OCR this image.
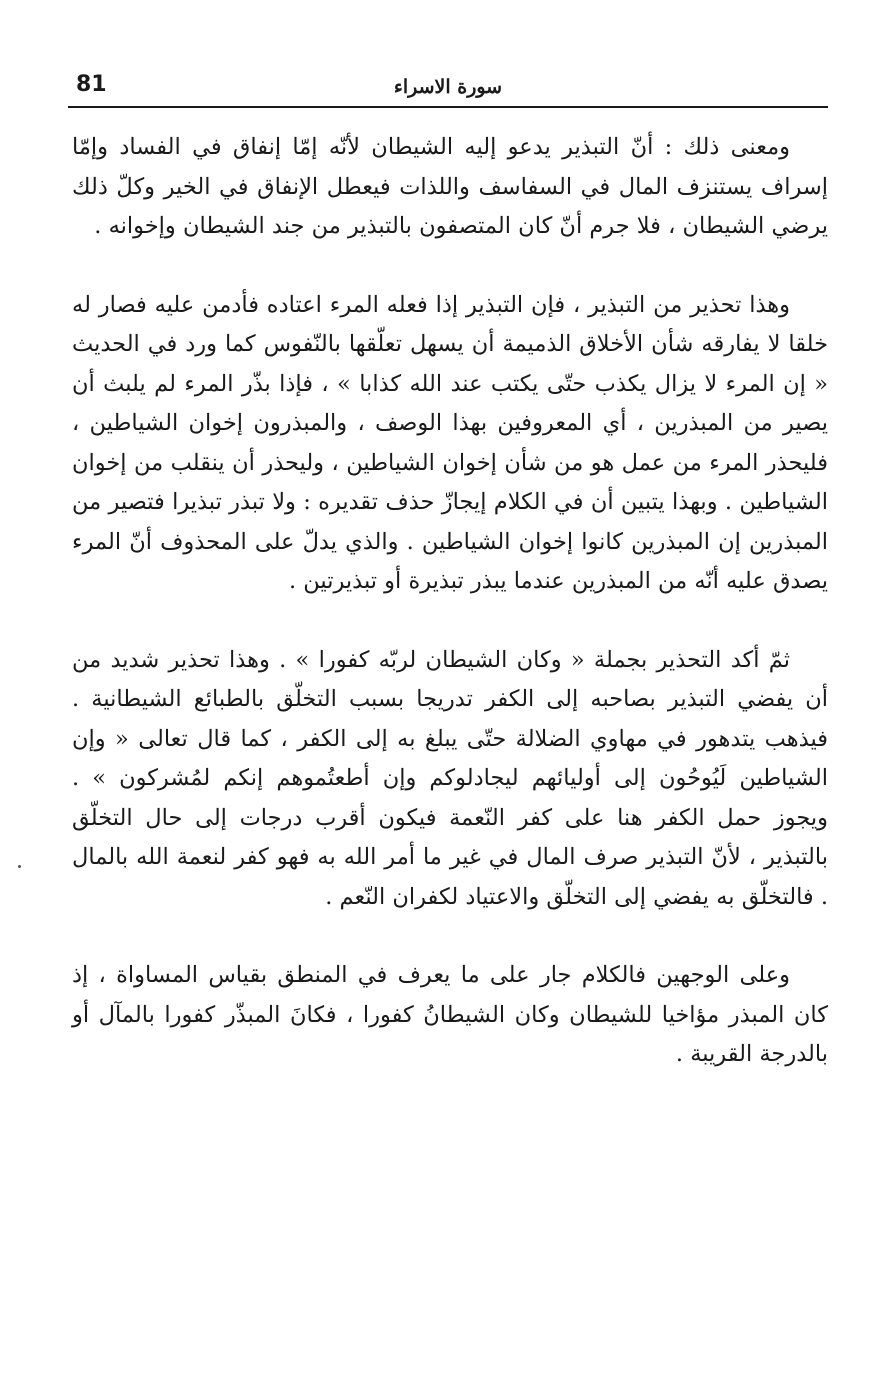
81	سورة الاسراء

ومعنى ذلك : أنّ التبذير يدعو إليه الشيطان لأنّه إمّا إنفاق في الفساد وإمّا إسراف يستنزف المال في السفاسف واللذات فيعطل الإنفاق في الخير وكلّ ذلك يرضي الشيطان ، فلا جرم أنّ كان المتصفون بالتبذير من جند الشيطان وإخوانه .

وهذا تحذير من التبذير ، فإن التبذير إذا فعله المرء اعتاده فأدمن عليه فصار له خلقا لا يفارقه شأن الأخلاق الذميمة أن يسهل تعلّقها بالنّفوس كما ورد في الحديث « إن المرء لا يزال يكذب حتّى يكتب عند الله كذابا » ، فإذا بذّر المرء لم يلبث أن يصير من المبذرين ، أي المعروفين بهذا الوصف ، والمبذرون إخوان الشياطين ، فليحذر المرء من عمل هو من شأن إخوان الشياطين ، وليحذر أن ينقلب من إخوان الشياطين . وبهذا يتبين أن في الكلام إيجازّ حذف تقديره : ولا تبذر تبذيرا فتصير من المبذرين إن المبذرين كانوا إخوان الشياطين . والذي يدلّ على المحذوف أنّ المرء يصدق عليه أنّه من المبذرين عندما يبذر تبذيرة أو تبذيرتين .

ثمّ أكد التحذير بجملة « وكان الشيطان لربّه كفورا » . وهذا تحذير شديد من أن يفضي التبذير بصاحبه إلى الكفر تدريجا بسبب التخلّق بالطبائع الشيطانية . فيذهب يتدهور في مهاوي الضلالة حتّى يبلغ به إلى الكفر ، كما قال تعالى « وإن الشياطين لَيُوحُون إلى أوليائهم ليجادلوكم وإن أطعتُموهم إنكم لمُشركون » . ويجوز حمل الكفر هنا على كفر النّعمة فيكون أقرب درجات إلى حال التخلّق بالتبذير ، لأنّ التبذير صرف المال في غير ما أمر الله به فهو كفر لنعمة الله بالمال . فالتخلّق به يفضي إلى التخلّق والاعتياد لكفران النّعم .

وعلى الوجهين فالكلام جار على ما يعرف في المنطق بقياس المساواة ، إذ كان المبذر مؤاخيا للشيطان وكان الشيطانُ كفورا ، فكانَ المبذّر كفورا بالمآل أو بالدرجة القريبة .
